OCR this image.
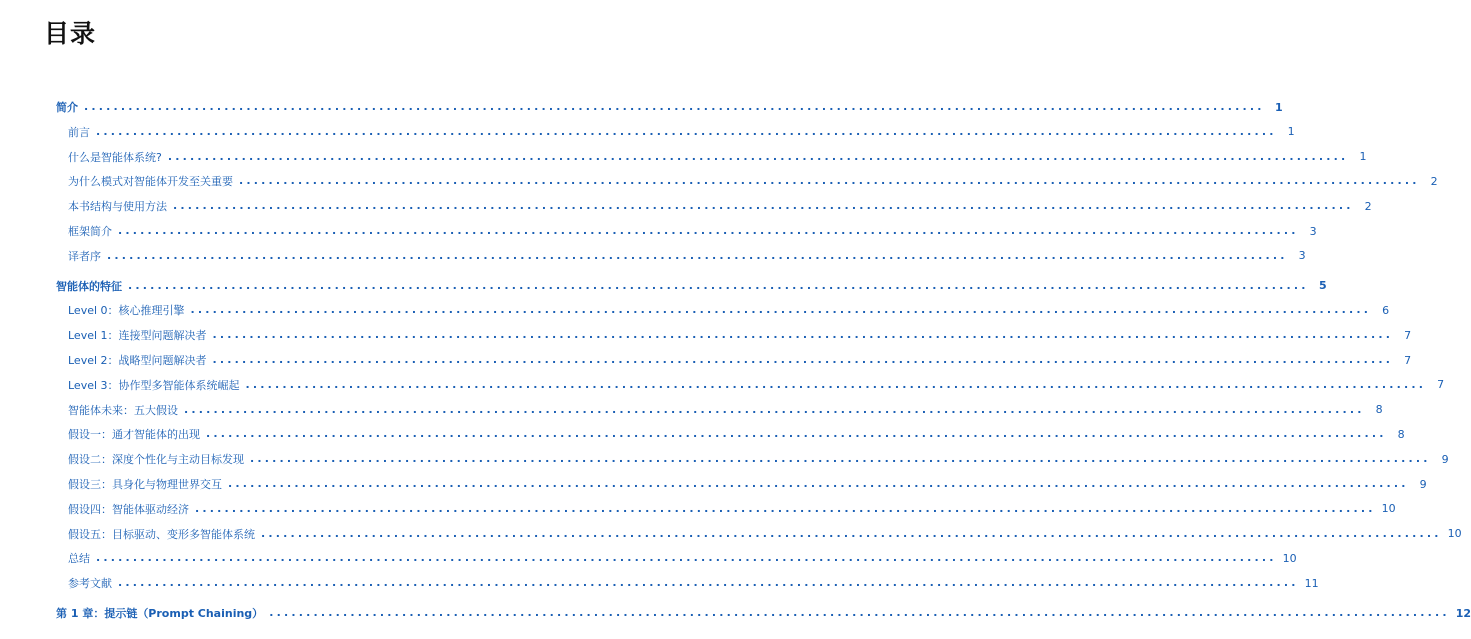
目录
简介 ................................................................................................................................................................ 1
前言 ................................................................................................................................................................	1
什么是智能体系统? ................................................................................................................................................................	1
为什么模式对智能体开发至关重要 ................................................................................................................................................................	2
本书结构与使用方法 ................................................................................................................................................................	2
框架简介 ................................................................................................................................................................	3
译者序 ................................................................................................................................................................	3
智能体的特征 ................................................................................................................................................................ 5
Level 0：核心推理引擎 ................................................................................................................................................................	6
Level 1：连接型问题解决者 ................................................................................................................................................................	7
Level 2：战略型问题解决者 ................................................................................................................................................................	7
Level 3：协作型多智能体系统崛起 ................................................................................................................................................................	7
智能体未来：五大假设 ................................................................................................................................................................	8
假设一：通才智能体的出现 ................................................................................................................................................................	8
假设二：深度个性化与主动目标发现 ................................................................................................................................................................	9
假设三：具身化与物理世界交互 ................................................................................................................................................................	9
假设四：智能体驱动经济 ................................................................................................................................................................ 10
假设五：目标驱动、变形多智能体系统 ................................................................................................................................................................ 10
总结 ................................................................................................................................................................ 10
参考文献 ................................................................................................................................................................ 11
第 1 章：提示链（Prompt Chaining） ................................................................................................................................................................ 12
